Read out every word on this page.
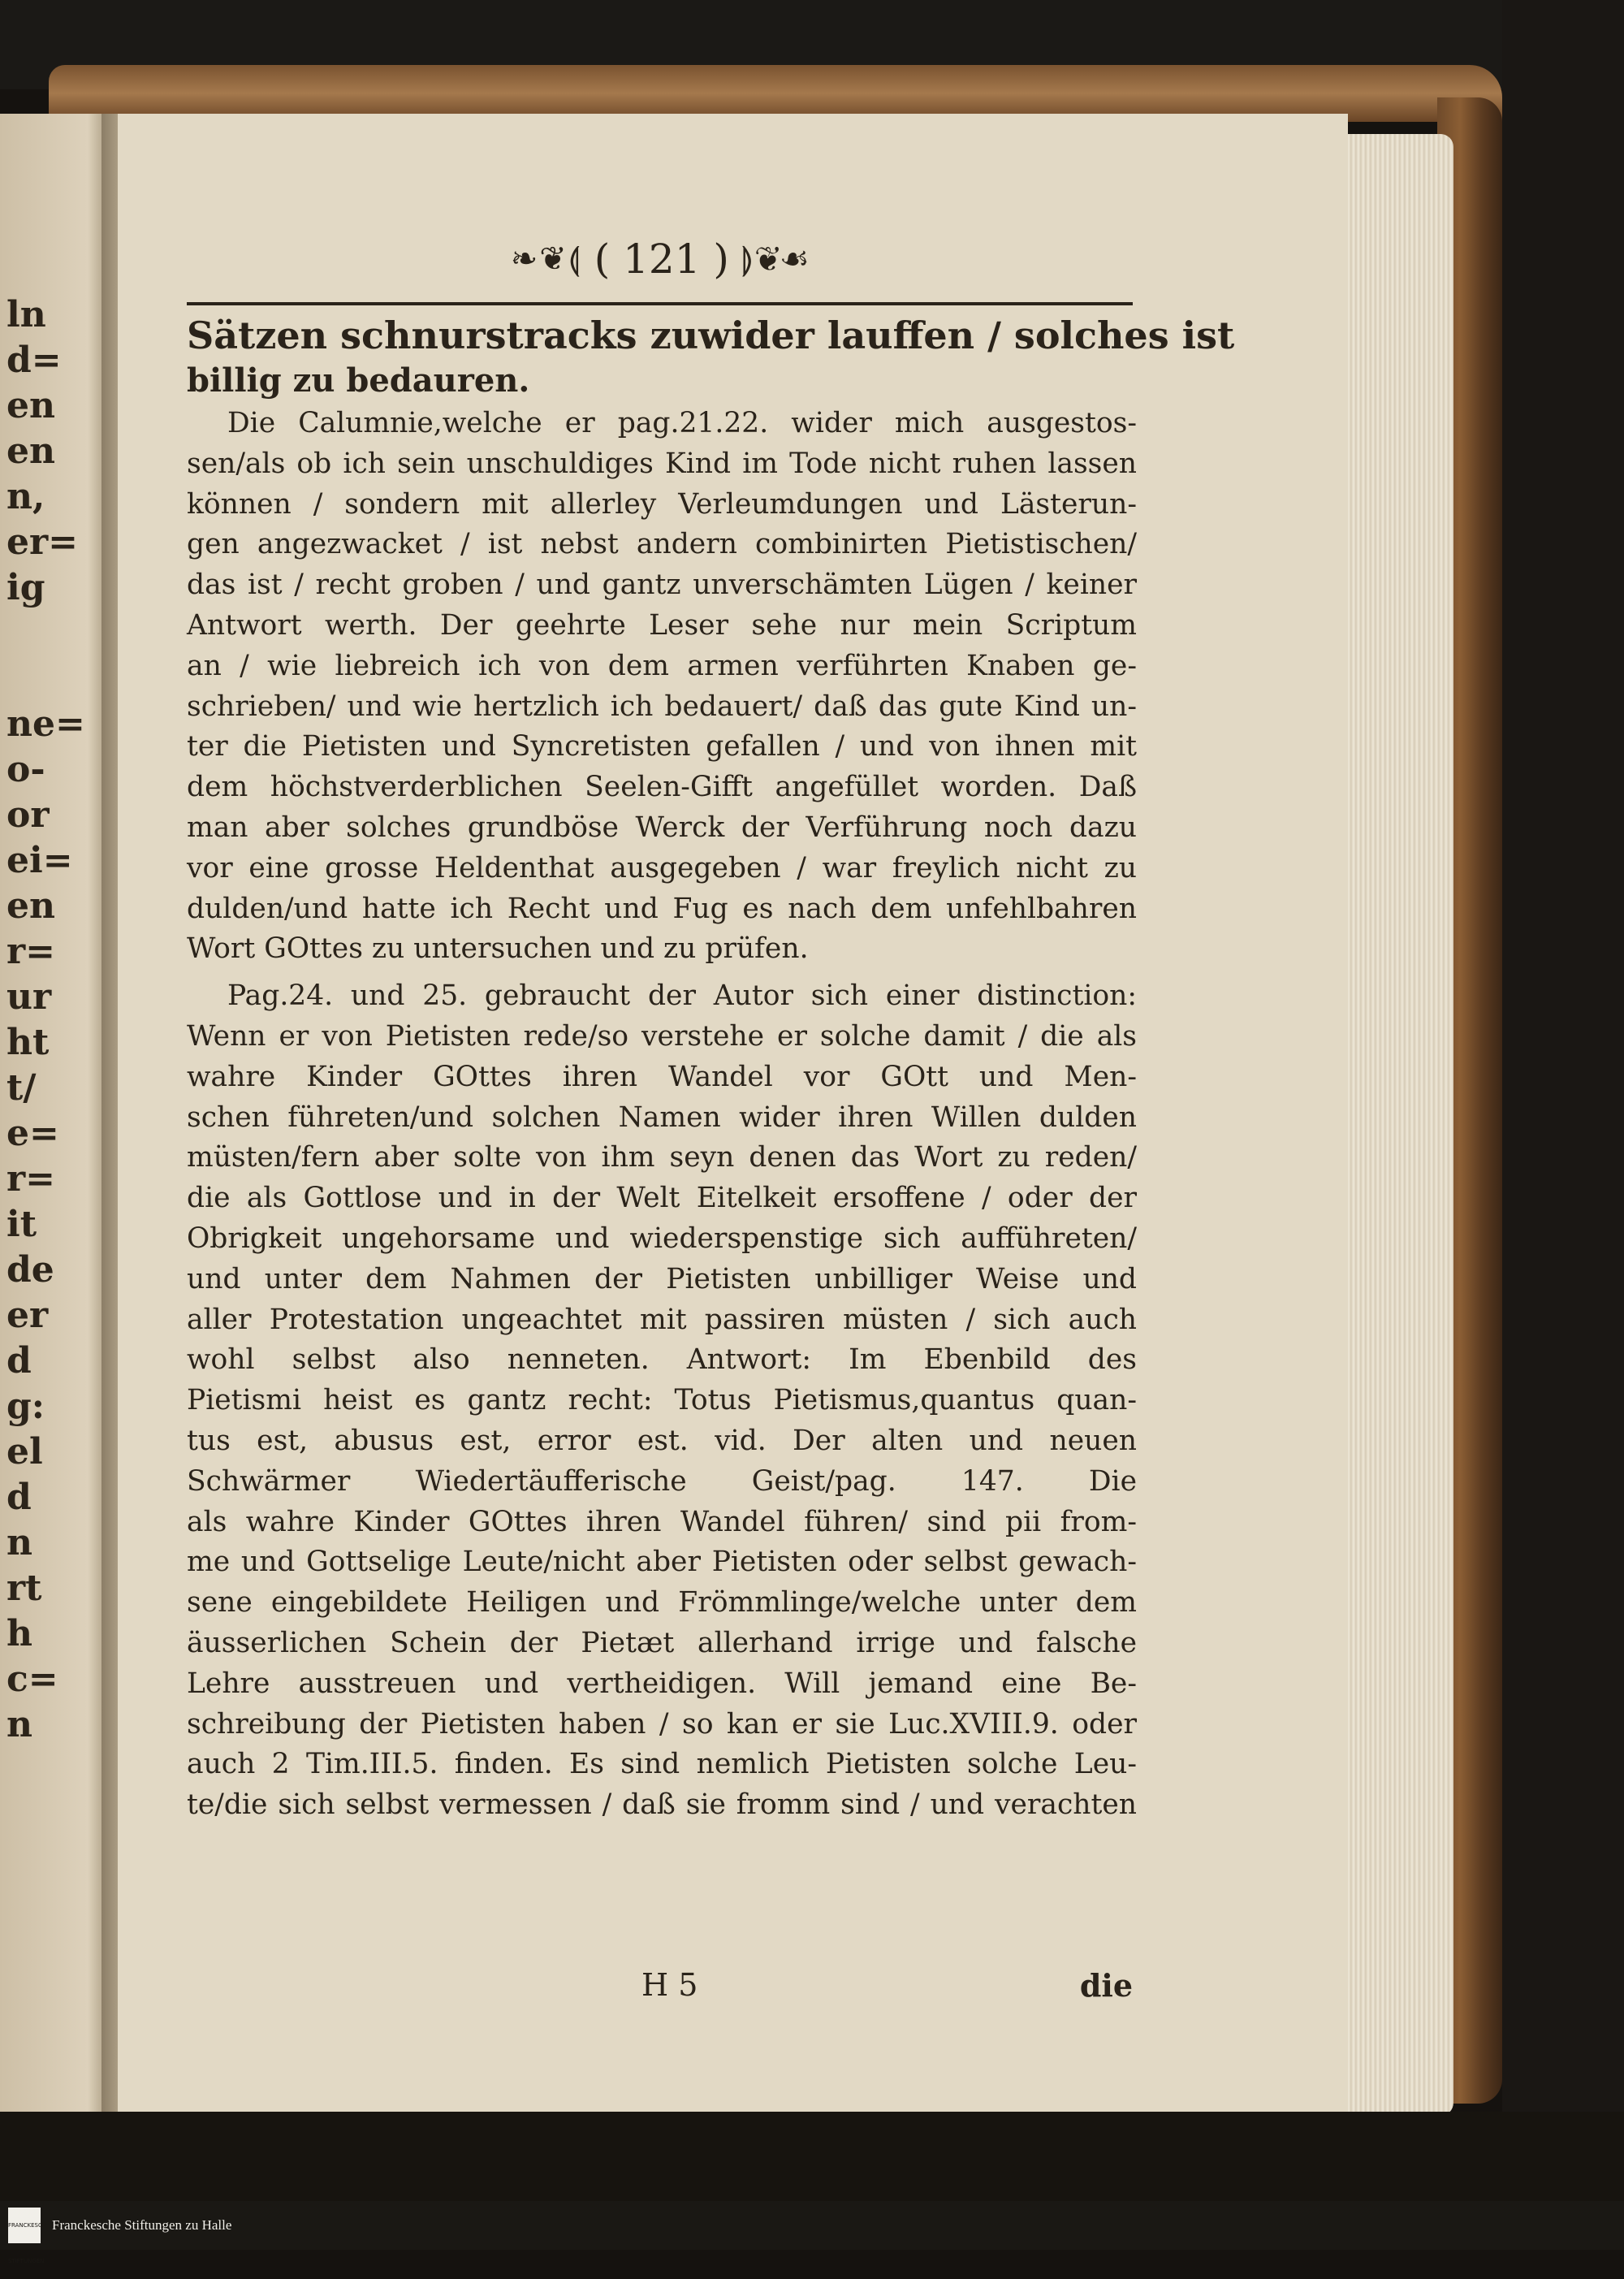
ln
d=
en
en
n,
er=
ig
ne=
o-
or
ei=
en
r=
ur
ht
t/
e=
r=
it
de
er
d
g:
el
d
n
rt
h
c=
n
❧❦⟬ ( 121 ) ⟭❦☙
Sätzen schnurstracks zuwider lauffen / solches ist
billig zu bedauren.
Die Calumnie,welche er pag.21.22. wider mich ausgestos-
sen/als ob ich sein unschuldiges Kind im Tode nicht ruhen lassen
können / sondern mit allerley Verleumdungen und Lästerun-
gen angezwacket / ist nebst andern combinirten Pietistischen/
das ist / recht groben / und gantz unverschämten Lügen / keiner
Antwort werth. Der geehrte Leser sehe nur mein Scriptum
an / wie liebreich ich von dem armen verführten Knaben ge-
schrieben/ und wie hertzlich ich bedauert/ daß das gute Kind un-
ter die Pietisten und Syncretisten gefallen / und von ihnen mit
dem höchstverderblichen Seelen-Gifft angefüllet worden. Daß
man aber solches grundböse Werck der Verführung noch dazu
vor eine grosse Heldenthat ausgegeben / war freylich nicht zu
dulden/und hatte ich Recht und Fug es nach dem unfehlbahren
Wort GOttes zu untersuchen und zu prüfen.
Pag.24. und 25. gebraucht der Autor sich einer distinction:
Wenn er von Pietisten rede/so verstehe er solche damit / die als
wahre Kinder GOttes ihren Wandel vor GOtt und Men-
schen führeten/und solchen Namen wider ihren Willen dulden
müsten/fern aber solte von ihm seyn denen das Wort zu reden/
die als Gottlose und in der Welt Eitelkeit ersoffene / oder der
Obrigkeit ungehorsame und wiederspenstige sich aufführeten/
und unter dem Nahmen der Pietisten unbilliger Weise und
aller Protestation ungeachtet mit passiren müsten / sich auch
wohl selbst also nenneten. Antwort: Im Ebenbild des
Pietismi heist es gantz recht: Totus Pietismus,quantus quan-
tus est, abusus est, error est. vid. Der alten und neuen
Schwärmer Wiedertäufferische Geist/pag. 147. Die
als wahre Kinder GOttes ihren Wandel führen/ sind pii from-
me und Gottselige Leute/nicht aber Pietisten oder selbst gewach-
sene eingebildete Heiligen und Frömmlinge/welche unter dem
äusserlichen Schein der Pietæt allerhand irrige und falsche
Lehre ausstreuen und vertheidigen. Will jemand eine Be-
schreibung der Pietisten haben / so kan er sie Luc.XVIII.9. oder
auch 2 Tim.III.5. finden. Es sind nemlich Pietisten solche Leu-
te/die sich selbst vermessen / daß sie fromm sind / und verachten
H 5	die
FRANCKESCHE STIFTUNGEN
Franckesche Stiftungen zu Halle
